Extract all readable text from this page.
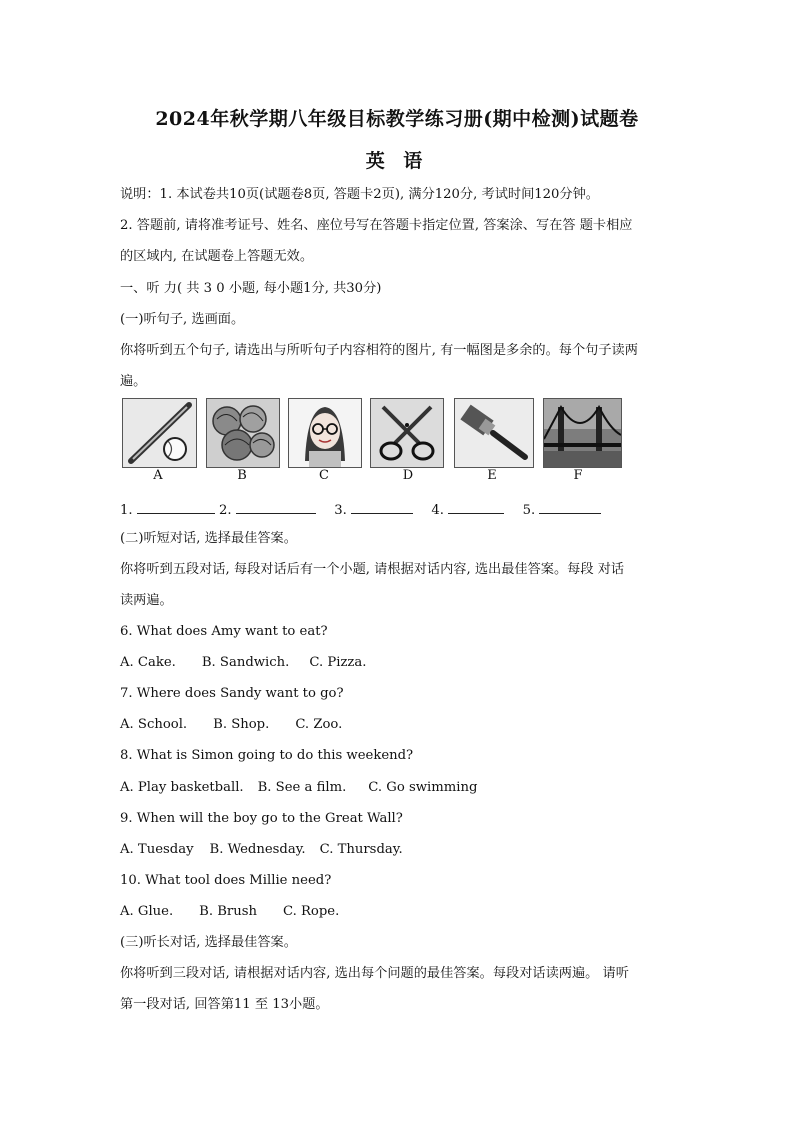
2024年秋学期八年级目标教学练习册(期中检测)试题卷
英 语
说明：1. 本试卷共10页(试题卷8页, 答题卡2页), 满分120分, 考试时间120分钟。
2. 答题前, 请将准考证号、姓名、座位号写在答题卡指定位置, 答案涂、写在答 题卡相应
的区域内, 在试题卷上答题无效。
一、听 力( 共 3 0 小题, 每小题1分, 共30分)
(一)听句子, 选画面。
你将听到五个句子, 请选出与所听句子内容相符的图片, 有一幅图是多余的。每个句子读两
遍。
A	B	C	D	E	F
1.	2.	3.	4.	5.
(二)听短对话, 选择最佳答案。
你将听到五段对话, 每段对话后有一个小题, 请根据对话内容, 选出最佳答案。每段 对话
读两遍。
6. What does Amy want to eat?
A. Cake. B. Sandwich. C. Pizza.
7. Where does Sandy want to go?
A. School. B. Shop. C. Zoo.
8. What is Simon going to do this weekend?
A. Play basketball. B. See a film. C. Go swimming
9. When will the boy go to the Great Wall?
A. Tuesday B. Wednesday. C. Thursday.
10. What tool does Millie need?
A. Glue. B. Brush C. Rope.
(三)听长对话, 选择最佳答案。
你将听到三段对话, 请根据对话内容, 选出每个问题的最佳答案。每段对话读两遍。 请听
第一段对话, 回答第11 至 13小题。
